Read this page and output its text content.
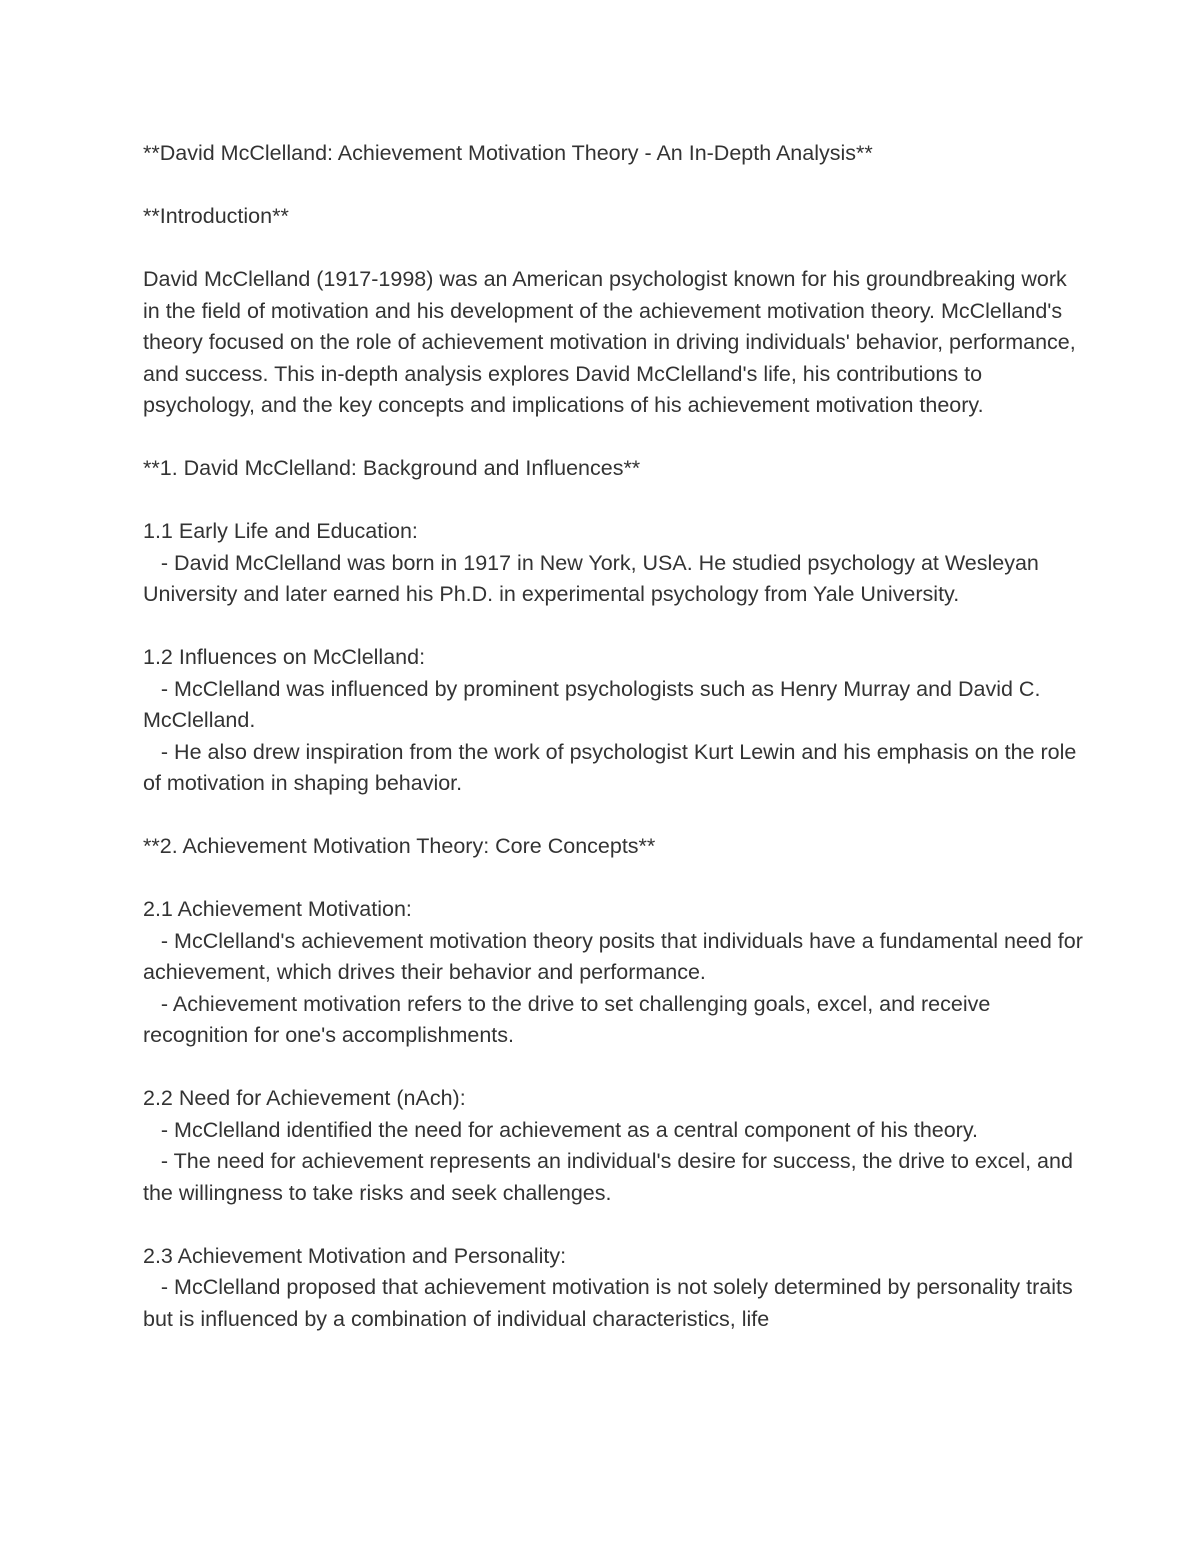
**David McClelland: Achievement Motivation Theory - An In-Depth Analysis**

**Introduction**

David McClelland (1917-1998) was an American psychologist known for his groundbreaking work in the field of motivation and his development of the achievement motivation theory. McClelland's theory focused on the role of achievement motivation in driving individuals' behavior, performance, and success. This in-depth analysis explores David McClelland's life, his contributions to psychology, and the key concepts and implications of his achievement motivation theory.

**1. David McClelland: Background and Influences**

1.1 Early Life and Education:

- David McClelland was born in 1917 in New York, USA. He studied psychology at Wesleyan University and later earned his Ph.D. in experimental psychology from Yale University.

1.2 Influences on McClelland:

- McClelland was influenced by prominent psychologists such as Henry Murray and David C. McClelland.

- He also drew inspiration from the work of psychologist Kurt Lewin and his emphasis on the role of motivation in shaping behavior.

**2. Achievement Motivation Theory: Core Concepts**

2.1 Achievement Motivation:

- McClelland's achievement motivation theory posits that individuals have a fundamental need for achievement, which drives their behavior and performance.

- Achievement motivation refers to the drive to set challenging goals, excel, and receive recognition for one's accomplishments.

2.2 Need for Achievement (nAch):

- McClelland identified the need for achievement as a central component of his theory.

- The need for achievement represents an individual's desire for success, the drive to excel, and the willingness to take risks and seek challenges.

2.3 Achievement Motivation and Personality:

- McClelland proposed that achievement motivation is not solely determined by personality traits but is influenced by a combination of individual characteristics, life
